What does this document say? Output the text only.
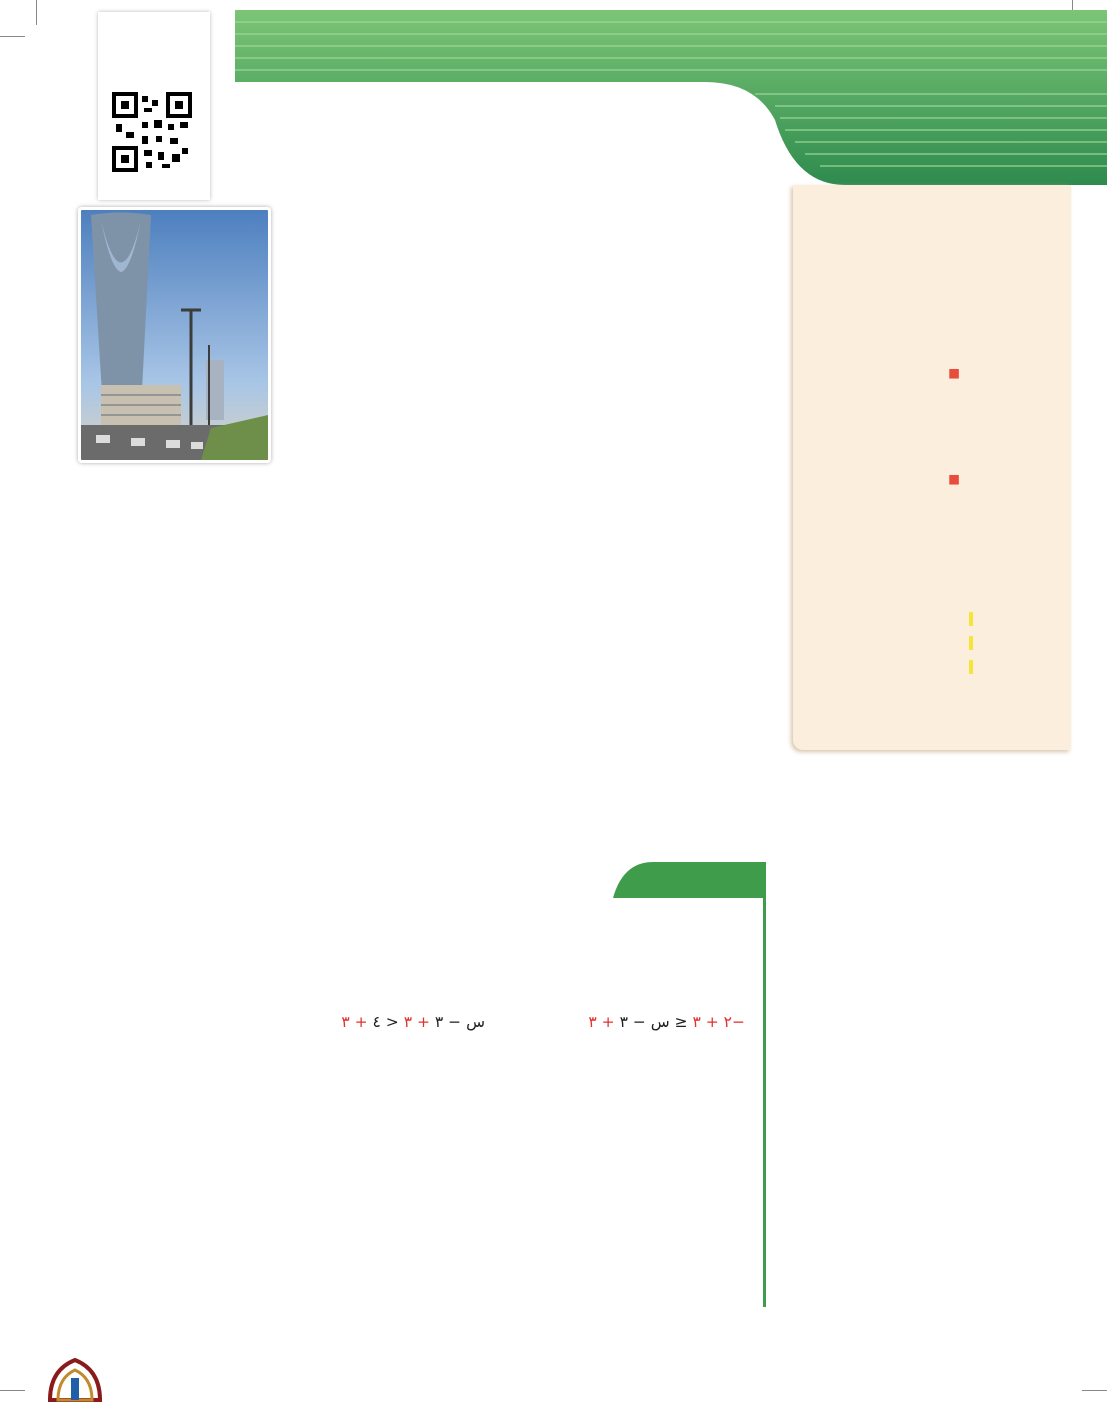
■
■
−٢ + ٣ ≤ س − ٣ + ٣
س − ٣ + ٣ < ٤ + ٣
